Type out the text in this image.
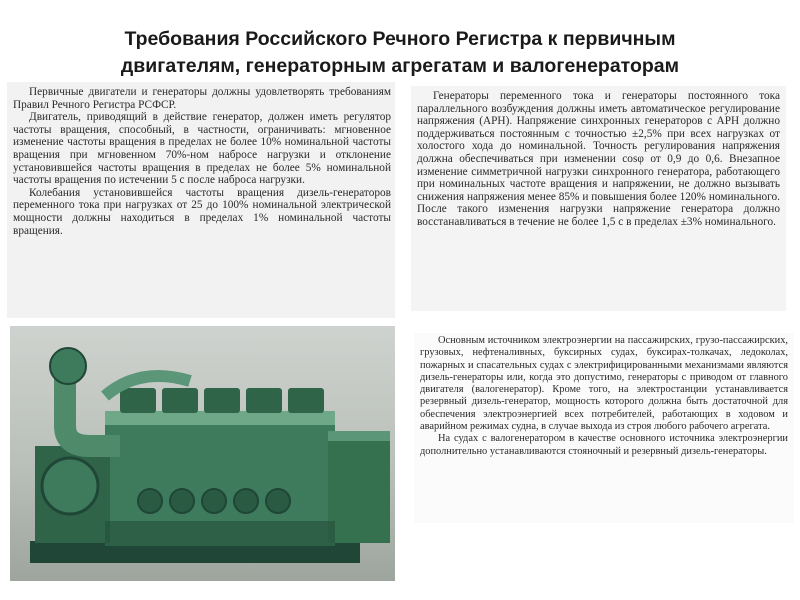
Требования Российского Речного Регистра к первичным
двигателям, генераторным агрегатам и валогенераторам

Первичные двигатели и генераторы должны удовлетворять требованиям Правил Речного Регистра РСФСР.

Двигатель, приводящий в действие генератор, должен иметь регулятор частоты вращения, способный, в частности, ограничивать: мгновенное изменение частоты вращения в пределах не более 10% номинальной частоты вращения при мгновенном 70%-ном набросе нагрузки и отклонение установившейся частоты вращения в пределах не более 5% номинальной частоты вращения по истечении 5 с после наброса нагрузки.

Колебания установившейся частоты вращения дизель-генераторов переменного тока при нагрузках от 25 до 100% номинальной электрической мощности должны находиться в пределах 1% номинальной частоты вращения.

Генераторы переменного тока и генераторы постоянного тока параллельного возбуждения должны иметь автоматическое регулирование напряжения (АРН). Напряжение синхронных генераторов с АРН должно поддерживаться постоянным с точностью ±2,5% при всех нагрузках от холостого хода до номинальной. Точность регулирования напряжения должна обеспечиваться при изменении cosφ от 0,9 до 0,6. Внезапное изменение симметричной нагрузки синхронного генератора, работающего при номинальных частоте вращения и напряжении, не должно вызывать снижения напряжения менее 85% и повышения более 120% номинального. После такого изменения нагрузки напряжение генератора должно восстанавливаться в течение не более 1,5 с в пределах ±3% номинального.

Основным источником электроэнергии на пассажирских, грузо-пассажирских, грузовых, нефтеналивных, буксирных судах, буксирах-толкачах, ледоколах, пожарных и спасательных судах с электрифицированными механизмами являются дизель-генераторы или, когда это допустимо, генераторы с приводом от главного двигателя (валогенератор). Кроме того, на электростанции устанавливается резервный дизель-генератор, мощность которого должна быть достаточной для обеспечения электроэнергией всех потребителей, работающих в ходовом и аварийном режимах судна, в случае выхода из строя любого рабочего агрегата.

На судах с валогенератором в качестве основного источника электроэнергии дополнительно устанавливаются стояночный и резервный дизель-генераторы.
